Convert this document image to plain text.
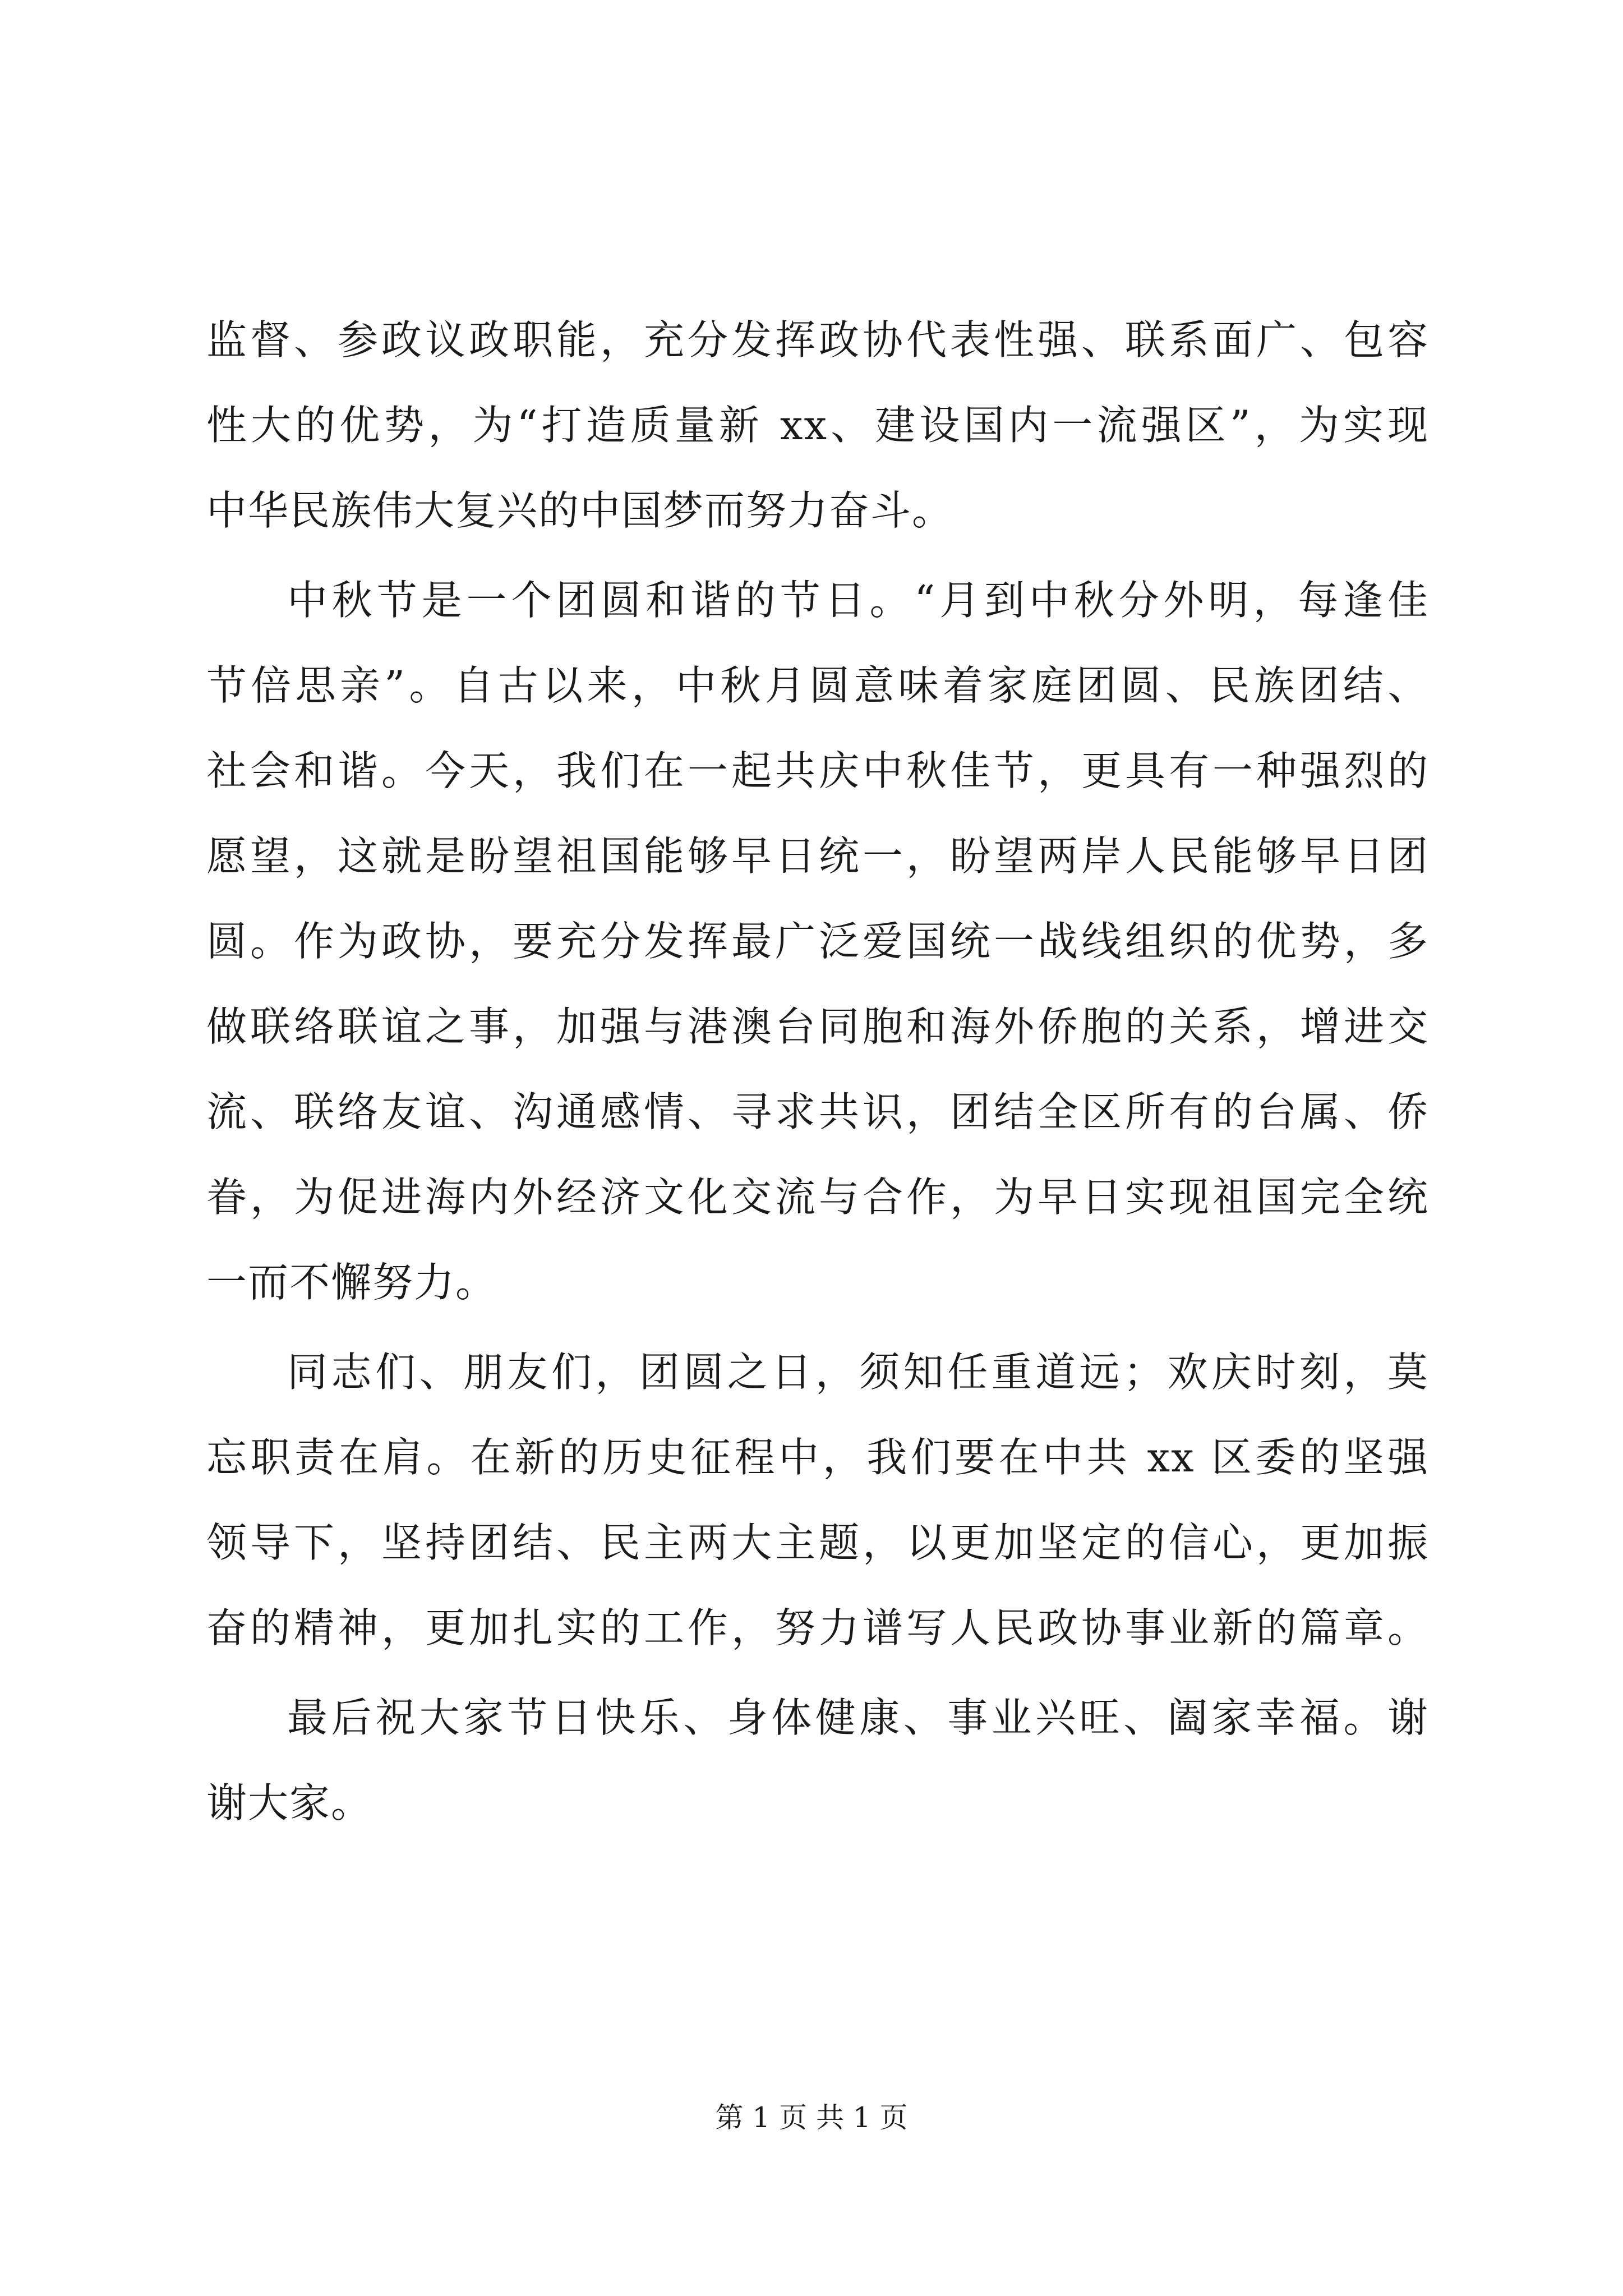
监督、参政议政职能，充分发挥政协代表性强、联系面广、包容
性大的优势，为“打造质量新 xx、建设国内一流强区”，为实现
中华民族伟大复兴的中国梦而努力奋斗。
中秋节是一个团圆和谐的节日。“月到中秋分外明，每逢佳
节倍思亲”。自古以来，中秋月圆意味着家庭团圆、民族团结、
社会和谐。今天，我们在一起共庆中秋佳节，更具有一种强烈的
愿望，这就是盼望祖国能够早日统一，盼望两岸人民能够早日团
圆。作为政协，要充分发挥最广泛爱国统一战线组织的优势，多
做联络联谊之事，加强与港澳台同胞和海外侨胞的关系，增进交
流、联络友谊、沟通感情、寻求共识，团结全区所有的台属、侨
眷，为促进海内外经济文化交流与合作，为早日实现祖国完全统
一而不懈努力。
同志们、朋友们，团圆之日，须知任重道远；欢庆时刻，莫
忘职责在肩。在新的历史征程中，我们要在中共 xx 区委的坚强
领导下，坚持团结、民主两大主题，以更加坚定的信心，更加振
奋的精神，更加扎实的工作，努力谱写人民政协事业新的篇章。
最后祝大家节日快乐、身体健康、事业兴旺、阖家幸福。谢
谢大家。
第 1 页 共 1 页
